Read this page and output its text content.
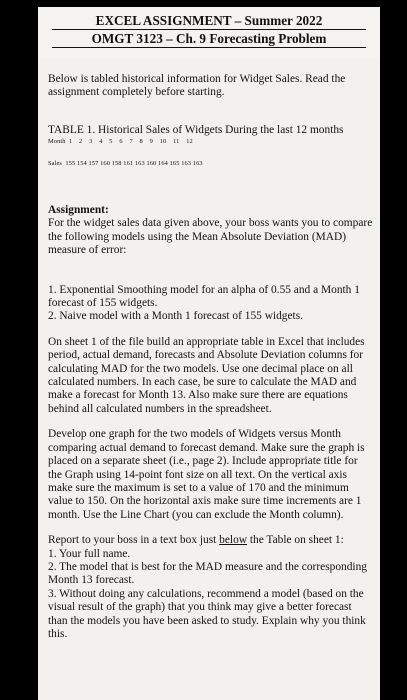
EXCEL ASSIGNMENT – Summer 2022
OMGT 3123 – Ch. 9 Forecasting Problem

Below is tabled historical information for Widget Sales. Read the assignment completely before starting.

TABLE 1. Historical Sales of Widgets During the last 12 months

Month  1    2    3    4    5    6    7    8    9    10    11    12
Sales  155 154 157 160 158 161 163 160 164 165 163 163

Assignment:

For the widget sales data given above, your boss wants you to compare the following models using the Mean Absolute Deviation (MAD) measure of error:

1. Exponential Smoothing model for an alpha of 0.55 and a Month 1 forecast of 155 widgets.

2. Naive model with a Month 1 forecast of 155 widgets.

On sheet 1 of the file build an appropriate table in Excel that includes period, actual demand, forecasts and Absolute Deviation columns for calculating MAD for the two models. Use one decimal place on all calculated numbers. In each case, be sure to calculate the MAD and make a forecast for Month 13. Also make sure there are equations behind all calculated numbers in the spreadsheet.

Develop one graph for the two models of Widgets versus Month comparing actual demand to forecast demand. Make sure the graph is placed on a separate sheet (i.e., page 2). Include appropriate title for the Graph using 14-point font size on all text. On the vertical axis make sure the maximum is set to a value of 170 and the minimum value to 150. On the horizontal axis make sure time increments are 1 month. Use the Line Chart (you can exclude the Month column).

Report to your boss in a text box just below the Table on sheet 1:

1. Your full name.

2. The model that is best for the MAD measure and the corresponding Month 13 forecast.

3. Without doing any calculations, recommend a model (based on the visual result of the graph) that you think may give a better forecast than the models you have been asked to study. Explain why you think this.
